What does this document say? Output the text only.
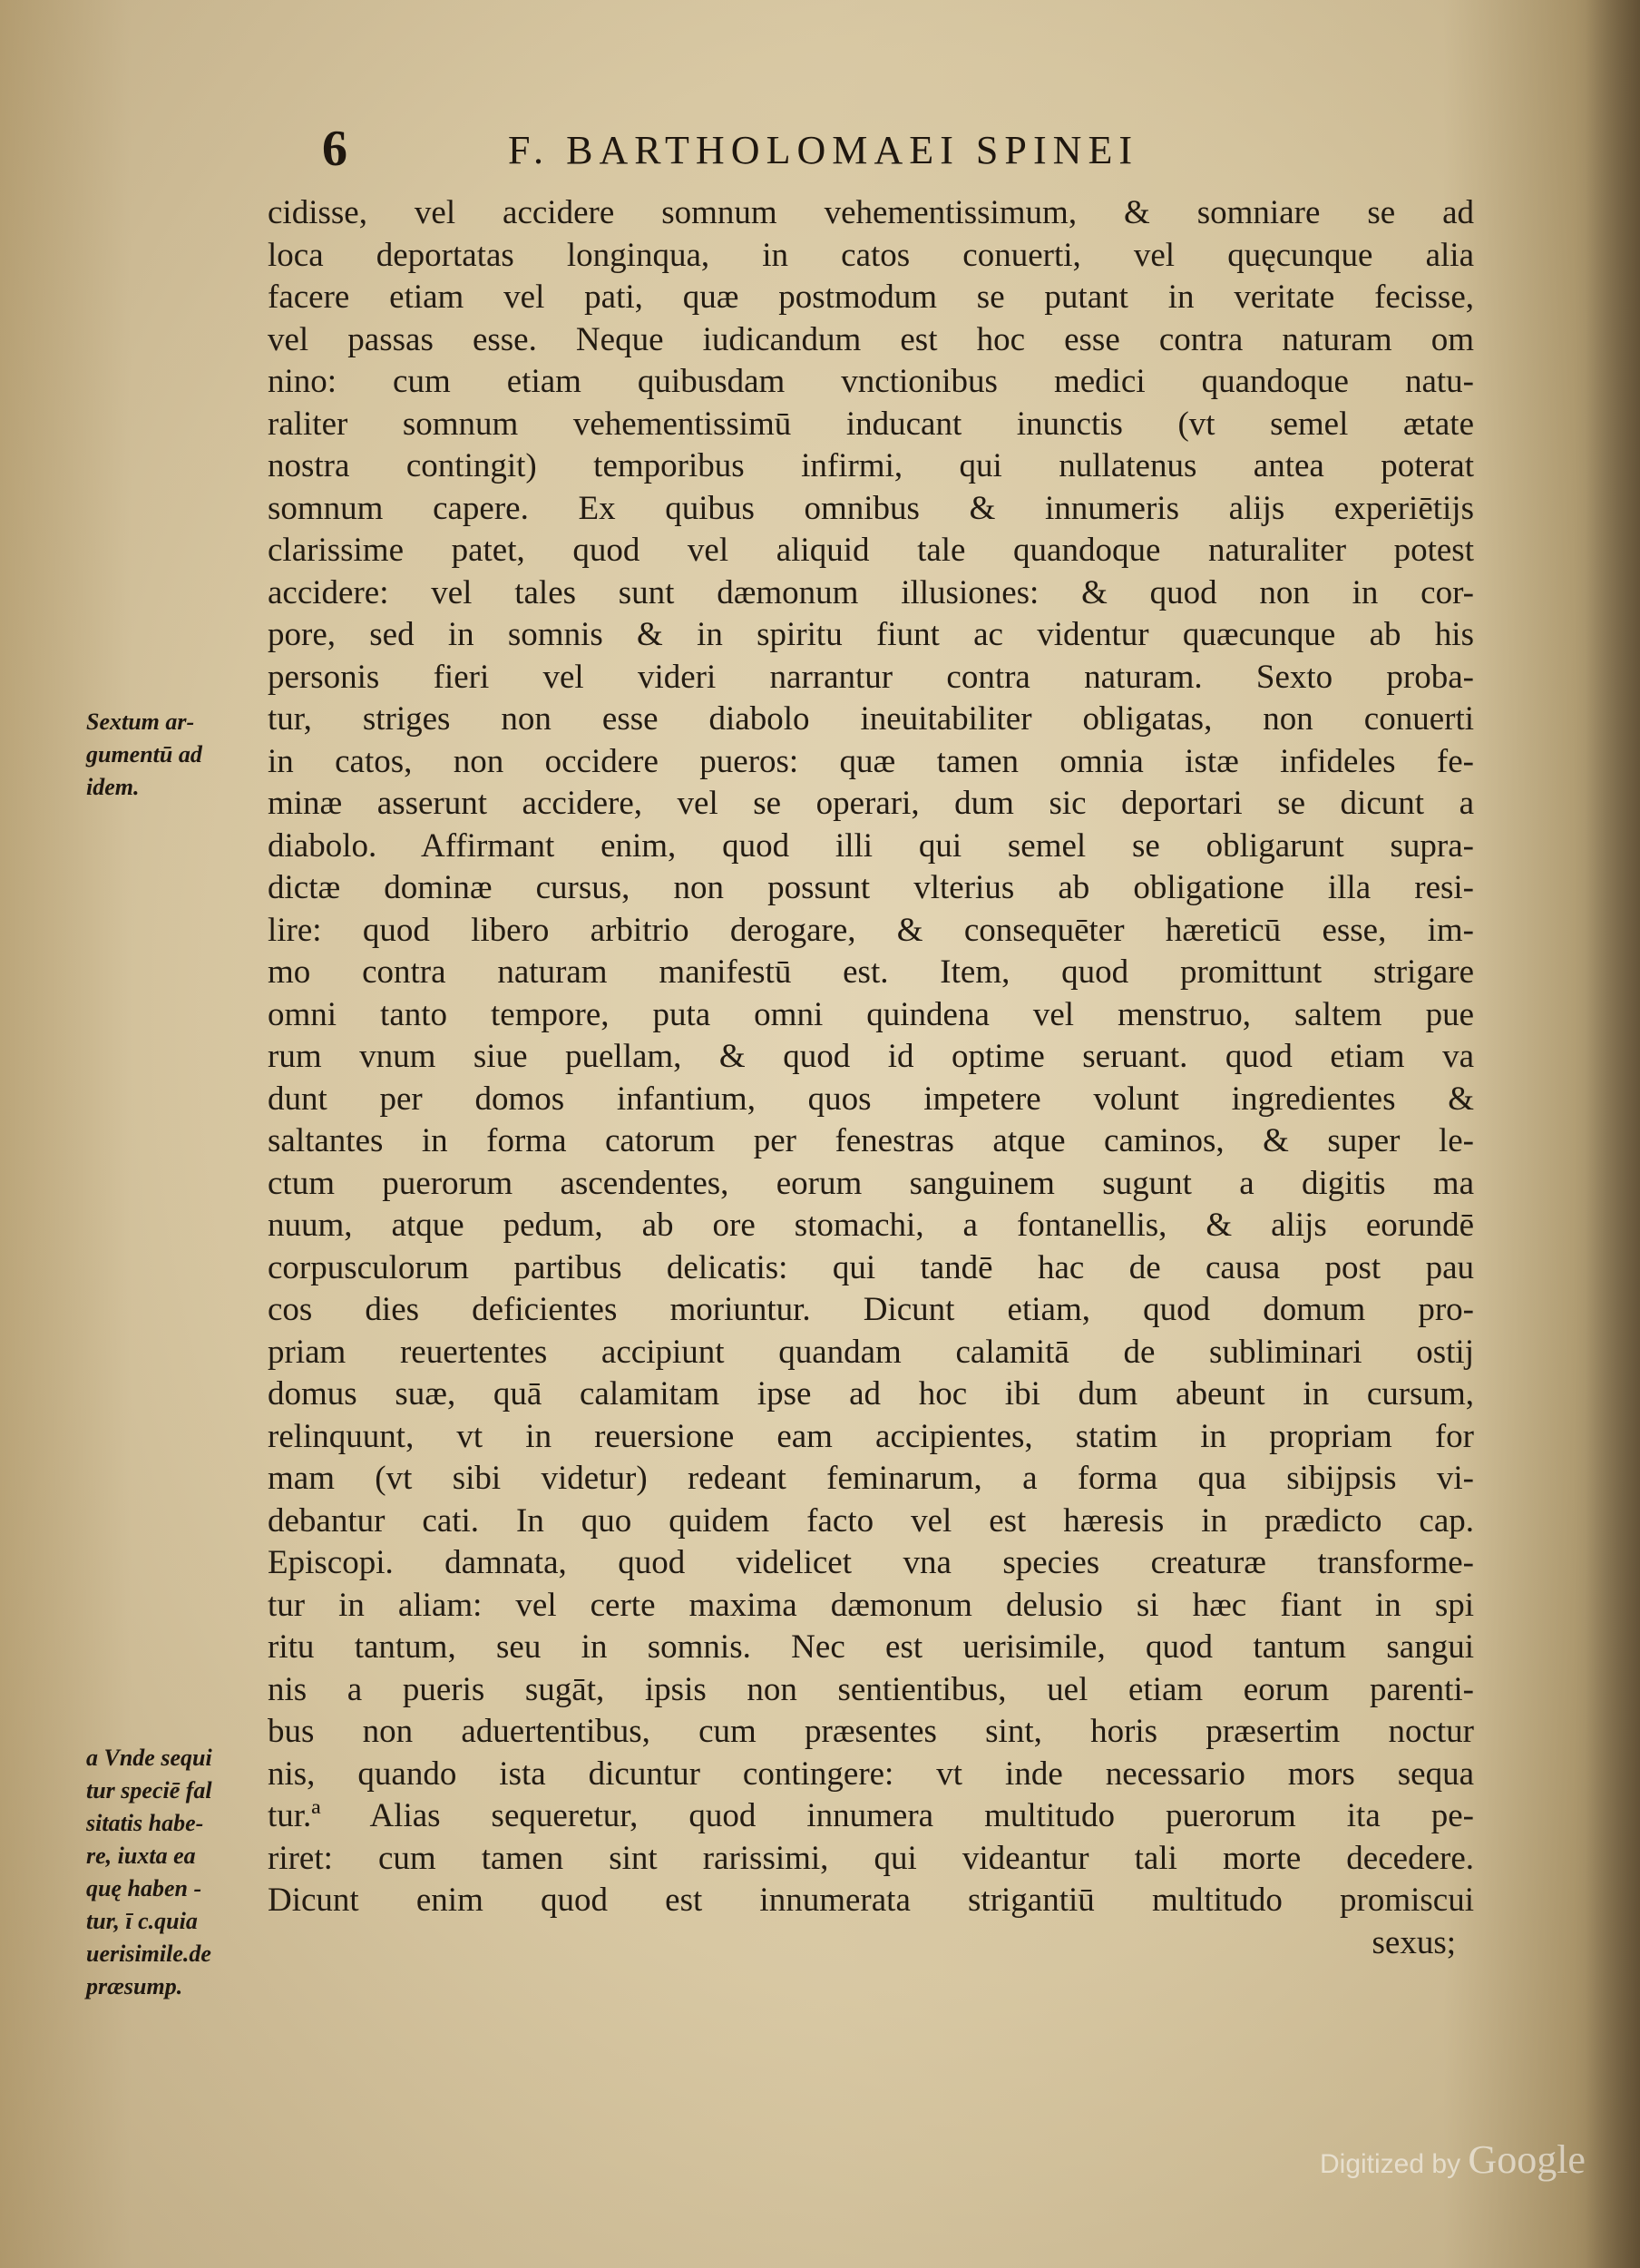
6	F. BARTHOLOMAEI SPINEI
Sextum ar-
gumentū ad
idem.
a Vnde sequi
tur speciē fal
sitatis habe-
re, iuxta ea
quę haben -
tur, ī c.quia
uerisimile.de
præsump.
cidisse, vel accidere somnum vehementissimum, & somniare se ad
loca deportatas longinqua, in catos conuerti, vel quęcunque alia
facere etiam vel pati, quæ postmodum se putant in veritate fecisse,
vel passas esse. Neque iudicandum est hoc esse contra naturam om
nino: cum etiam quibusdam vnctionibus medici quandoque natu-
raliter somnum vehementissimū inducant inunctis (vt semel ætate
nostra contingit) temporibus infirmi, qui nullatenus antea poterat
somnum capere. Ex quibus omnibus & innumeris alijs experiētijs
clarissime patet, quod vel aliquid tale quandoque naturaliter potest
accidere: vel tales sunt dæmonum illusiones: & quod non in cor-
pore, sed in somnis & in spiritu fiunt ac videntur quæcunque ab his
personis fieri vel videri narrantur contra naturam. Sexto proba-
tur, striges non esse diabolo ineuitabiliter obligatas, non conuerti
in catos, non occidere pueros: quæ tamen omnia istæ infideles fe-
minæ asserunt accidere, vel se operari, dum sic deportari se dicunt a
diabolo. Affirmant enim, quod illi qui semel se obligarunt supra-
dictæ dominæ cursus, non possunt vlterius ab obligatione illa resi-
lire: quod libero arbitrio derogare, & consequēter hæreticū esse, im-
mo contra naturam manifestū est. Item, quod promittunt strigare
omni tanto tempore, puta omni quindena vel menstruo, saltem pue
rum vnum siue puellam, & quod id optime seruant. quod etiam va
dunt per domos infantium, quos impetere volunt ingredientes &
saltantes in forma catorum per fenestras atque caminos, & super le-
ctum puerorum ascendentes, eorum sanguinem sugunt a digitis ma
nuum, atque pedum, ab ore stomachi, a fontanellis, & alijs eorundē
corpusculorum partibus delicatis: qui tandē hac de causa post pau
cos dies deficientes moriuntur. Dicunt etiam, quod domum pro-
priam reuertentes accipiunt quandam calamitā de subliminari ostij
domus suæ, quā calamitam ipse ad hoc ibi dum abeunt in cursum,
relinquunt, vt in reuersione eam accipientes, statim in propriam for
mam (vt sibi videtur) redeant feminarum, a forma qua sibijpsis vi-
debantur cati. In quo quidem facto vel est hæresis in prædicto cap.
Episcopi. damnata, quod videlicet vna species creaturæ transforme-
tur in aliam: vel certe maxima dæmonum delusio si hæc fiant in spi
ritu tantum, seu in somnis. Nec est uerisimile, quod tantum sangui
nis a pueris sugāt, ipsis non sentientibus, uel etiam eorum parenti-
bus non aduertentibus, cum præsentes sint, horis præsertim noctur
nis, quando ista dicuntur contingere: vt inde necessario mors sequa
tur.ª Alias sequeretur, quod innumera multitudo puerorum ita pe-
riret: cum tamen sint rarissimi, qui videantur tali morte decedere.
Dicunt enim quod est innumerata strigantiū multitudo promiscui
sexus;
Digitized by Google
